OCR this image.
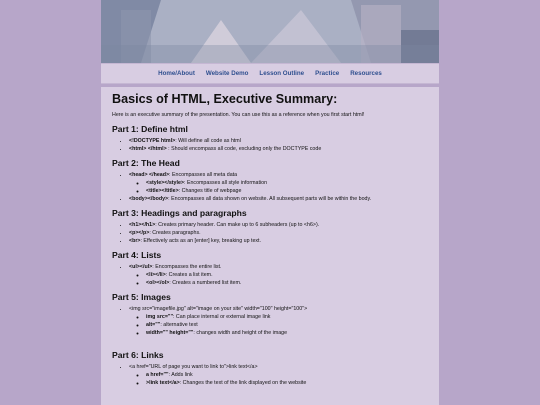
Home/About Website Demo Lesson Outline Practice Resources
Basics of HTML, Executive Summary:

Here is an executive summary of the presentation. You can use this as a reference when you first start html!

Part 1: Define html
• <!DOCTYPE html>: Will define all code as html
• <html> </html> : Should encompass all code, excluding only the DOCTYPE code
Part 2: The Head
• <head> </head>: Encompasses all meta data
◦ <style></style>: Encompasses all style information
◦ <title></title>: Changes title of webpage
• <body></body>: Encompasses all data shown on website. All subsequent parts will be within the body.
Part 3: Headings and paragraphs
• <h1></h1>: Creates primary header. Can make up to 6 subheaders (up to <h6>).
• <p></p>: Creates paragraphs.
• <br>: Effectively acts as an [enter] key, breaking up text.
Part 4: Lists
• <ul></ul>: Encompasses the entire list.
◦ <li></li>: Creates a list item.
◦ <ol></ol>: Creates a numbered list item.
Part 5: Images
• <img src="imagefile.jpg" alt="image on your site" width="100" height="100">
◦ img src="": Can place internal or external image link
◦ alt="": alternative text
◦ width="" height="": changes width and height of the image
Part 6: Links
• <a href="URL of page you want to link to">link text</a>
◦ a href="": Adds link
◦ >link text</a>: Changes the text of the link displayed on the website
